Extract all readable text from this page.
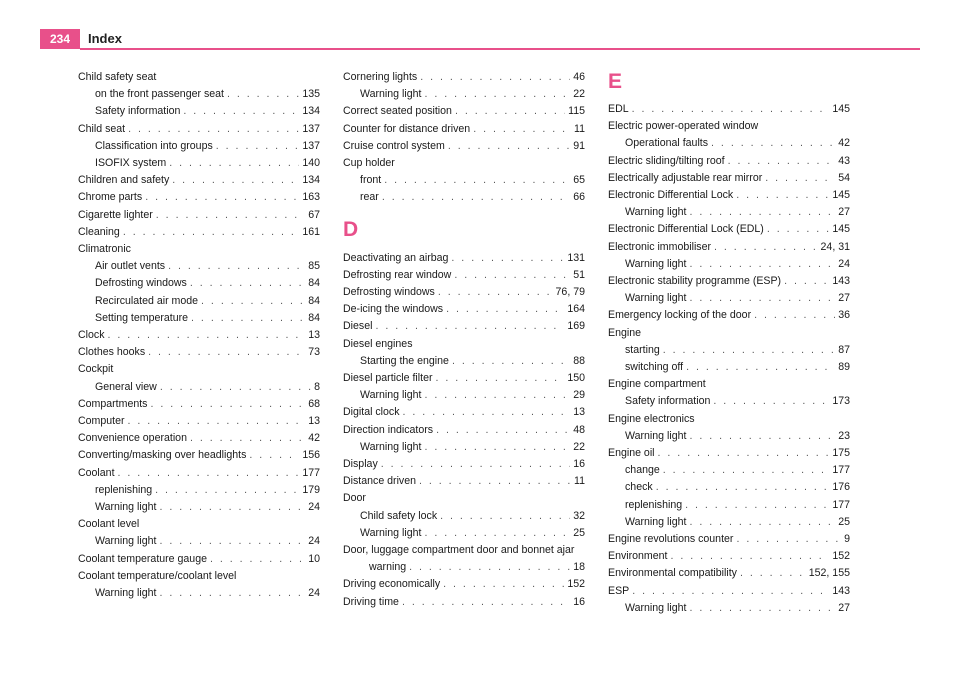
234	Index
Child safety seat
on the front passenger seat . . .	135
Safety information . . .	134
Child seat . . .	137
Classification into groups . . .	137
ISOFIX system . . .	140
Children and safety . . .	134
Chrome parts . . .	163
Cigarette lighter . . .	67
Cleaning . . .	161
Climatronic
Air outlet vents . . .	85
Defrosting windows . . .	84
Recirculated air mode . . .	84
Setting temperature . . .	84
Clock . . .	13
Clothes hooks . . .	73
Cockpit
General view . . .	8
Compartments . . .	68
Computer . . .	13
Convenience operation . . .	42
Converting/masking over headlights . . .	156
Coolant . . .	177
replenishing . . .	179
Warning light . . .	24
Coolant level
Warning light . . .	24
Coolant temperature gauge . . .	10
Coolant temperature/coolant level
Warning light . . .	24
Cornering lights . . .	46
Warning light . . .	22
Correct seated position . . .	115
Counter for distance driven . . .	11
Cruise control system . . .	91
Cup holder
front . . .	65
rear . . .	66
D
Deactivating an airbag . . .	131
Defrosting rear window . . .	51
Defrosting windows . . .	76, 79
De-icing the windows . . .	164
Diesel . . .	169
Diesel engines
Starting the engine . . .	88
Diesel particle filter . . .	150
Warning light . . .	29
Digital clock . . .	13
Direction indicators . . .	48
Warning light . . .	22
Display . . .	16
Distance driven . . .	11
Door
Child safety lock . . .	32
Warning light . . .	25
Door, luggage compartment door and bonnet ajar
warning . . .	18
Driving economically . . .	152
Driving time . . .	16
E
EDL . . .	145
Electric power-operated window
Operational faults . . .	42
Electric sliding/tilting roof . . .	43
Electrically adjustable rear mirror . . .	54
Electronic Differential Lock . . .	145
Warning light . . .	27
Electronic Differential Lock (EDL) . . .	145
Electronic immobiliser . . .	24, 31
Warning light . . .	24
Electronic stability programme (ESP) . . .	143
Warning light . . .	27
Emergency locking of the door . . .	36
Engine
starting . . .	87
switching off . . .	89
Engine compartment
Safety information . . .	173
Engine electronics
Warning light . . .	23
Engine oil . . .	175
change . . .	177
check . . .	176
replenishing . . .	177
Warning light . . .	25
Engine revolutions counter . . .	9
Environment . . .	152
Environmental compatibility . . .	152, 155
ESP . . .	143
Warning light . . .	27
